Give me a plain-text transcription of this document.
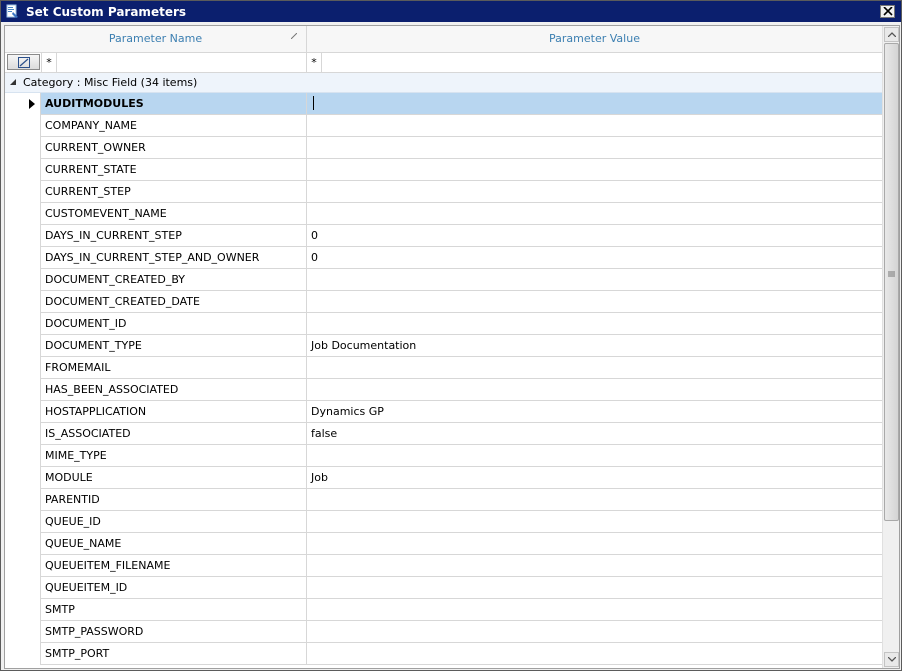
Set Custom Parameters
Parameter Name	Parameter Value
*	*
Category : Misc Field (34 items)
AUDITMODULES
COMPANY_NAME
CURRENT_OWNER
CURRENT_STATE
CURRENT_STEP
CUSTOMEVENT_NAME
DAYS_IN_CURRENT_STEP	0
DAYS_IN_CURRENT_STEP_AND_OWNER	0
DOCUMENT_CREATED_BY
DOCUMENT_CREATED_DATE
DOCUMENT_ID
DOCUMENT_TYPE	Job Documentation
FROMEMAIL
HAS_BEEN_ASSOCIATED
HOSTAPPLICATION	Dynamics GP
IS_ASSOCIATED	false
MIME_TYPE
MODULE	Job
PARENTID
QUEUE_ID
QUEUE_NAME
QUEUEITEM_FILENAME
QUEUEITEM_ID
SMTP
SMTP_PASSWORD
SMTP_PORT
